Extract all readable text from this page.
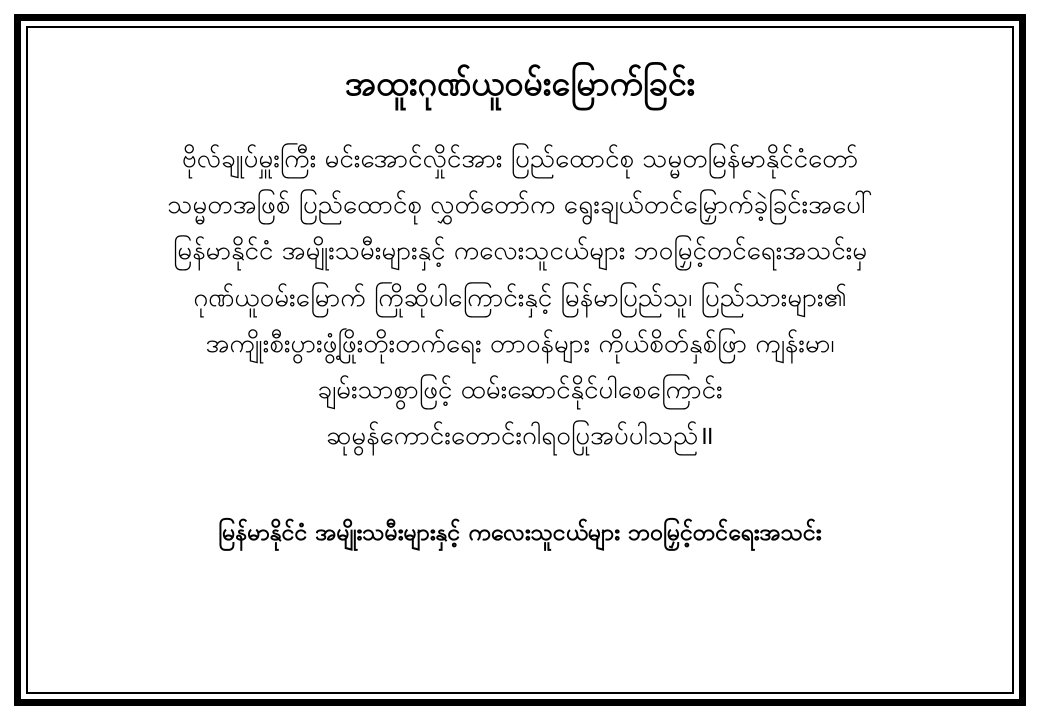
အထူးဂုဏ်ယူဝမ်းမြောက်ခြင်း
ဗိုလ်ချုပ်မှူးကြီး မင်းအောင်လှိုင်အား ပြည်ထောင်စု သမ္မတမြန်မာနိုင်ငံတော်
သမ္မတအဖြစ် ပြည်ထောင်စု လွှတ်တော်က ရွေးချယ်တင်မြှောက်ခဲ့ခြင်းအပေါ်
မြန်မာနိုင်ငံ အမျိုးသမီးများနှင့် ကလေးသူငယ်များ ဘဝမြှင့်တင်ရေးအသင်းမှ
ဂုဏ်ယူဝမ်းမြောက် ကြိုဆိုပါကြောင်းနှင့် မြန်မာပြည်သူ၊ ပြည်သားများ၏
အကျိုးစီးပွားဖွံ့ဖြိုးတိုးတက်ရေး တာဝန်များ ကိုယ်စိတ်နှစ်ဖြာ ကျန်းမာ၊
ချမ်းသာစွာဖြင့် ထမ်းဆောင်နိုင်ပါစေကြောင်း
ဆုမွန်ကောင်းတောင်းဂါရဝပြုအပ်ပါသည်॥
မြန်မာနိုင်ငံ အမျိုးသမီးများနှင့် ကလေးသူငယ်များ ဘဝမြှင့်တင်ရေးအသင်း
